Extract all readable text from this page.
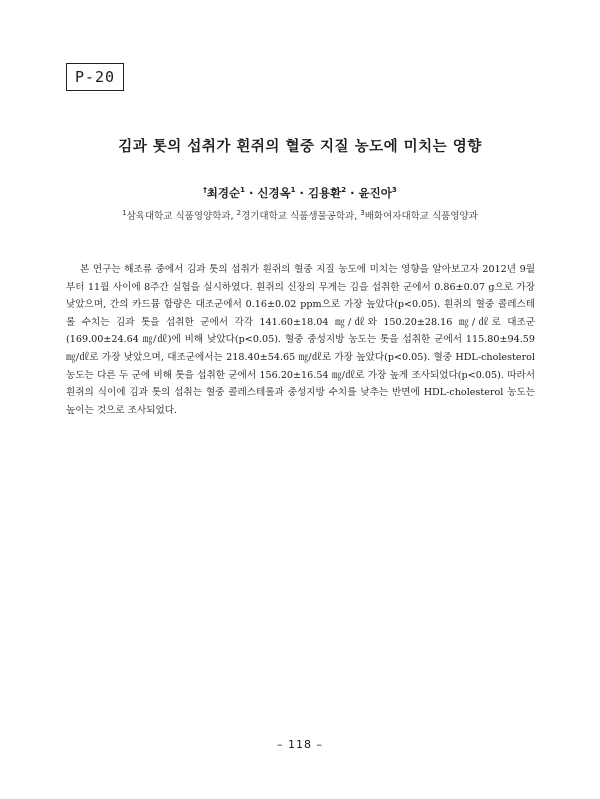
P-20
김과 톳의 섭취가 흰쥐의 혈중 지질 농도에 미치는 영향
†최경순$^1$ · 신경옥$^1$ · 김용환$^2$ · 윤진아$^3$
$^1$삼육대학교 식품영양학과, $^2$경기대학교 식품생물공학과, $^3$배화여자대학교 식품영양과
본 연구는 해조류 중에서 김과 톳의 섭취가 흰쥐의 혈중 지질 농도에 미치는 영향을 알아보고자 2012년 9월부터 11월 사이에 8주간 실험을 실시하였다. 흰쥐의 신장의 무게는 김을 섭취한 군에서 0.86±0.07 g으로 가장 낮았으며, 간의 카드뮴 함량은 대조군에서 0.16±0.02 ppm으로 가장 높았다(p<0.05). 흰쥐의 혈중 콜레스테롤 수치는 김과 톳을 섭취한 군에서 각각 141.60±18.04 ㎎/㎗와 150.20±28.16 ㎎/㎗로 대조군(169.00±24.64 ㎎/㎗)에 비해 낮았다(p<0.05). 혈중 중성지방 농도는 톳을 섭취한 군에서 115.80±94.59 ㎎/㎗로 가장 낮았으며, 대조군에서는 218.40±54.65 ㎎/㎗로 가장 높았다(p<0.05). 혈중 HDL-cholesterol 농도는 다른 두 군에 비해 톳을 섭취한 군에서 156.20±16.54 ㎎/㎗로 가장 높게 조사되었다(p<0.05). 따라서 흰쥐의 식이에 김과 톳의 섭취는 혈중 콜레스테롤과 중성지방 수치를 낮추는 반면에 HDL-cholesterol 농도는 높이는 것으로 조사되었다.
– 118 –
